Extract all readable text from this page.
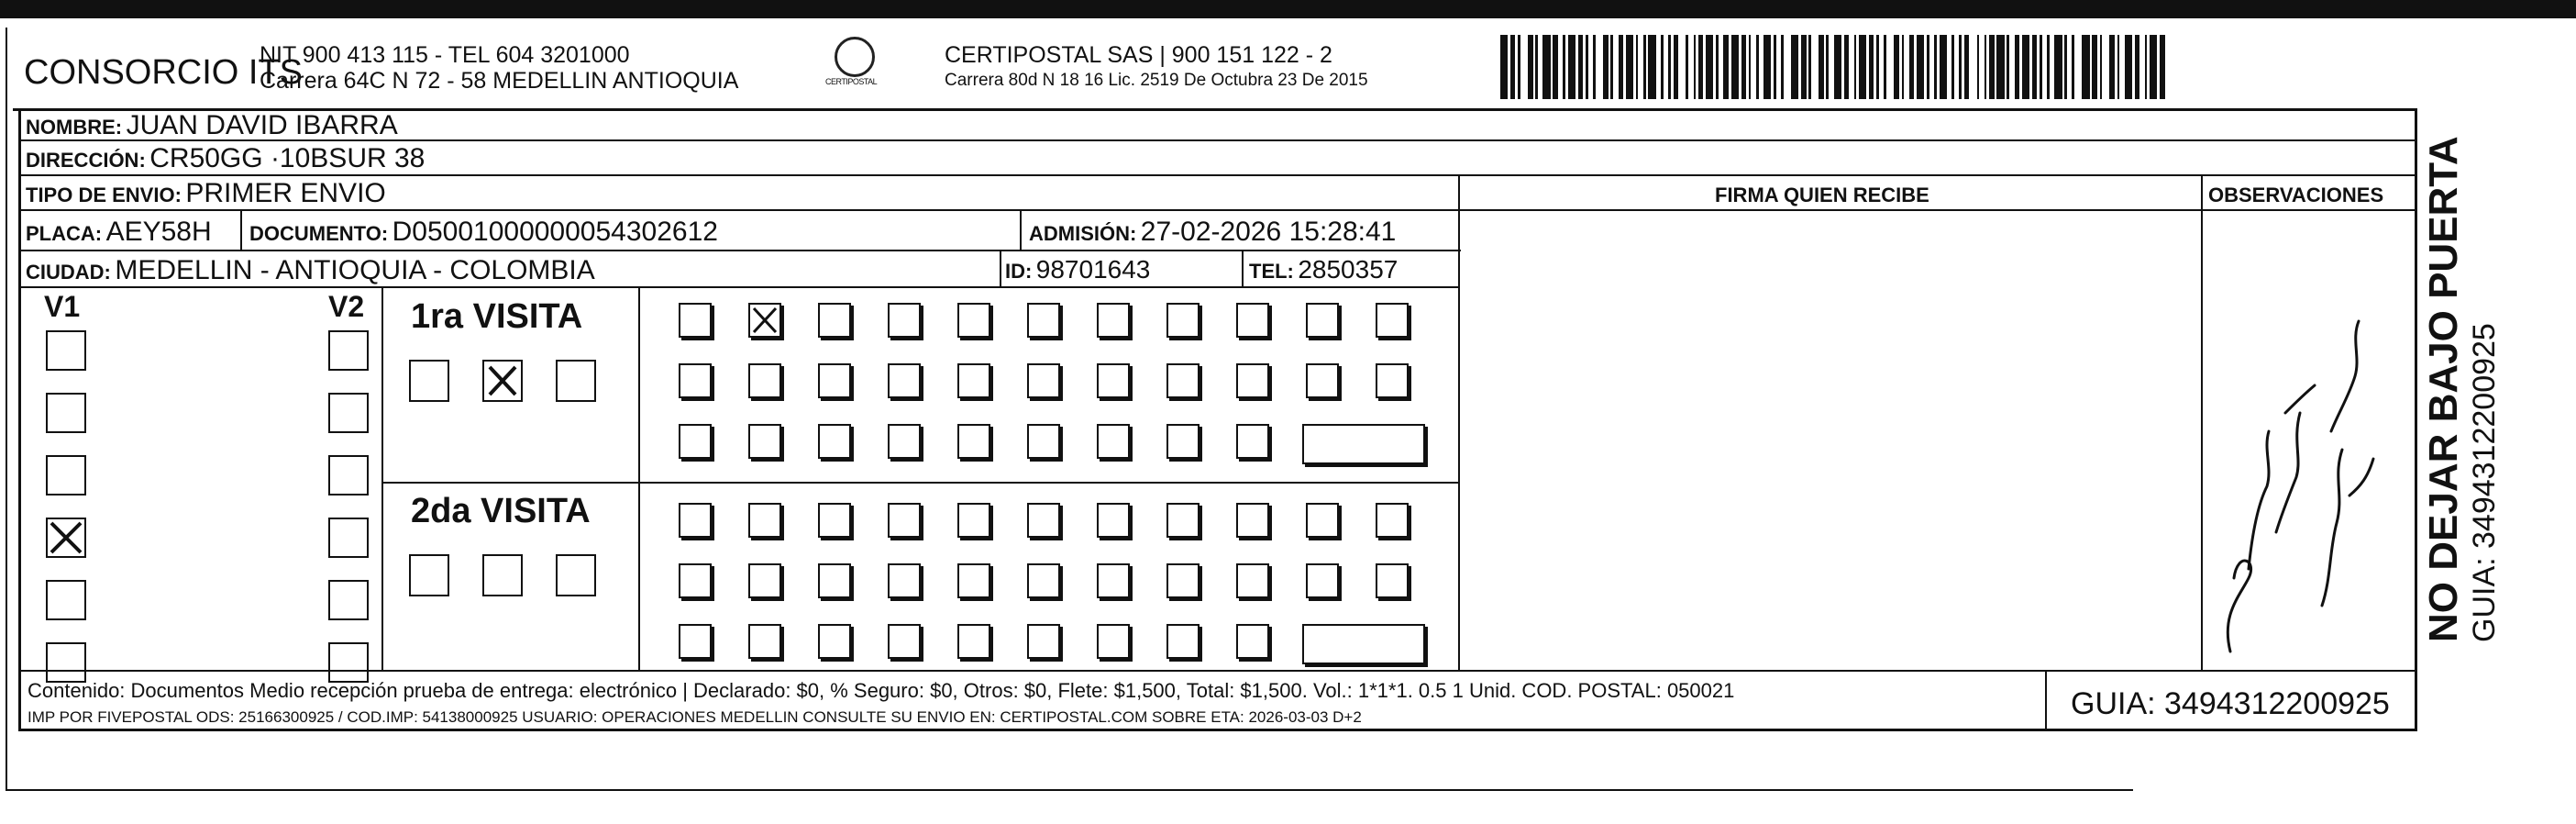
CONSORCIO ITS
NIT 900 413 115 - TEL 604 3201000
Carrera 64C N 72 - 58 MEDELLIN ANTIOQUIA	CERTIPOSTAL
CERTIPOSTAL SAS | 900 151 122 - 2
Carrera 80d N 18 16 Lic. 2519 De Octubra 23 De 2015
NOMBRE: JUAN DAVID IBARRA
DIRECCIÓN: CR50GG ·10BSUR 38
TIPO DE ENVIO: PRIMER ENVIO	FIRMA QUIEN RECIBE	OBSERVACIONES
PLACA: AEY58H DOCUMENTO: D05001000000054302612	ADMISIÓN: 27-02-2026 15:28:41
CIUDAD: MEDELLIN - ANTIOQUIA - COLOMBIA	ID: 98701643	TEL: 2850357
V1	V2 1ra VISITA
2da VISITA
Contenido: Documentos Medio recepción prueba de entrega: electrónico | Declarado: $0, % Seguro: $0, Otros: $0, Flete: $1,500, Total: $1,500. Vol.: 1*1*1. 0.5 1 Unid. COD. POSTAL: 050021
IMP POR FIVEPOSTAL ODS: 25166300925 / COD.IMP: 54138000925 USUARIO: OPERACIONES MEDELLIN CONSULTE SU ENVIO EN: CERTIPOSTAL.COM SOBRE ETA: 2026-03-03 D+2	GUIA: 3494312200925
NO DEJAR BAJO PUERTA GUIA: 3494312200925
